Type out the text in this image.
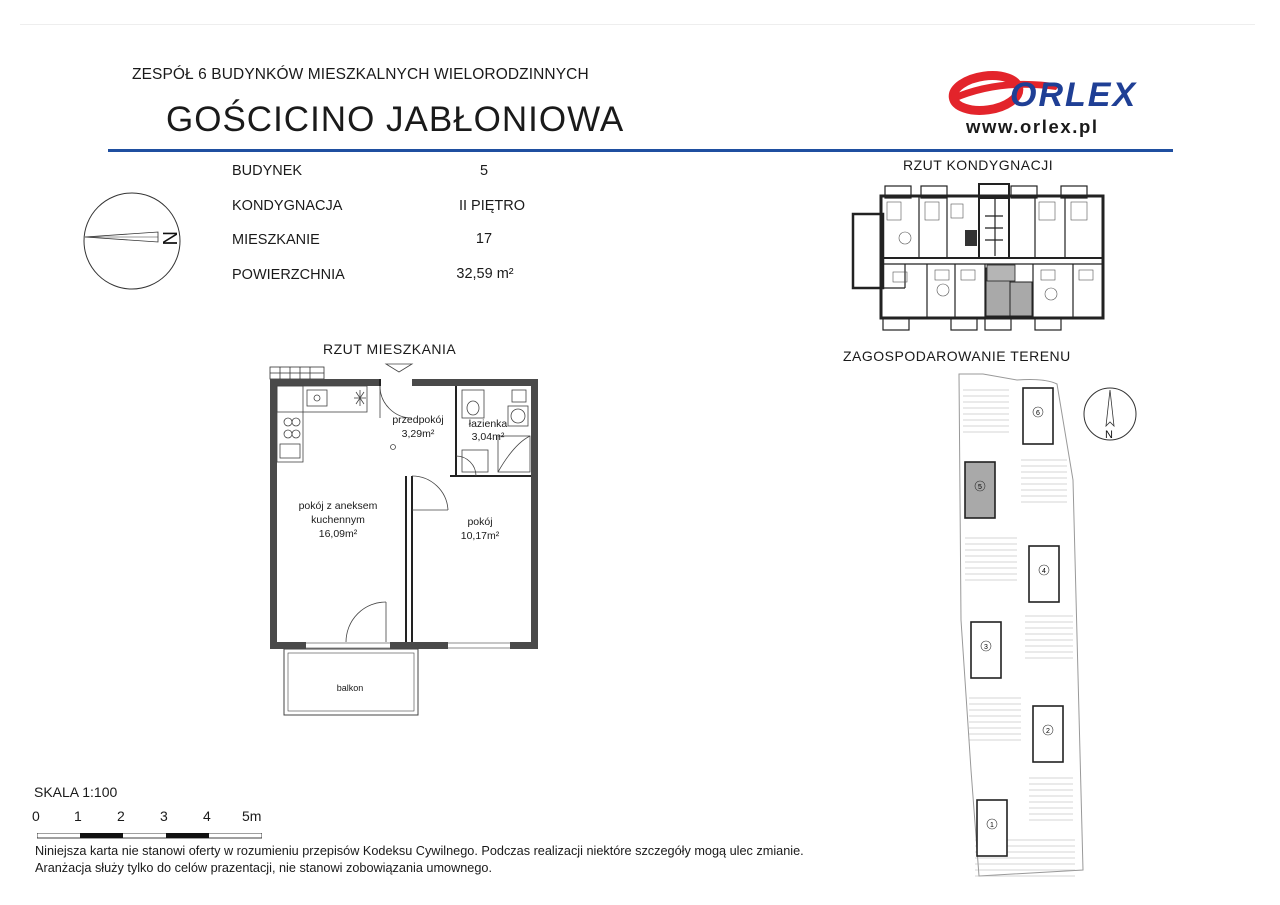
ZESPÓŁ 6 BUDYNKÓW MIESZKALNYCH WIELORODZINNYCH
GOŚCICINO JABŁONIOWA
ORLEX
www.orlex.pl
N
BUDYNEK	5
KONDYGNACJA	II PIĘTRO
MIESZKANIE	17
POWIERZCHNIA	32,59 m²
RZUT KONDYGNACJI
ZAGOSPODAROWANIE TERENU
N
6
5
4
3
2
1
RZUT MIESZKANIA
przedpokój
3,29m²
łazienka
3,04m²
pokój z aneksem
kuchennym
16,09m²
pokój
10,17m²
balkon
SKALA 1:100
0 1	2	3	4 5m
Niniejsza karta nie stanowi oferty w rozumieniu przepisów Kodeksu Cywilnego. Podczas realizacji niektóre szczegóły mogą ulec zmianie.
Aranżacja służy tylko do celów prazentacji, nie stanowi zobowiązania umownego.
